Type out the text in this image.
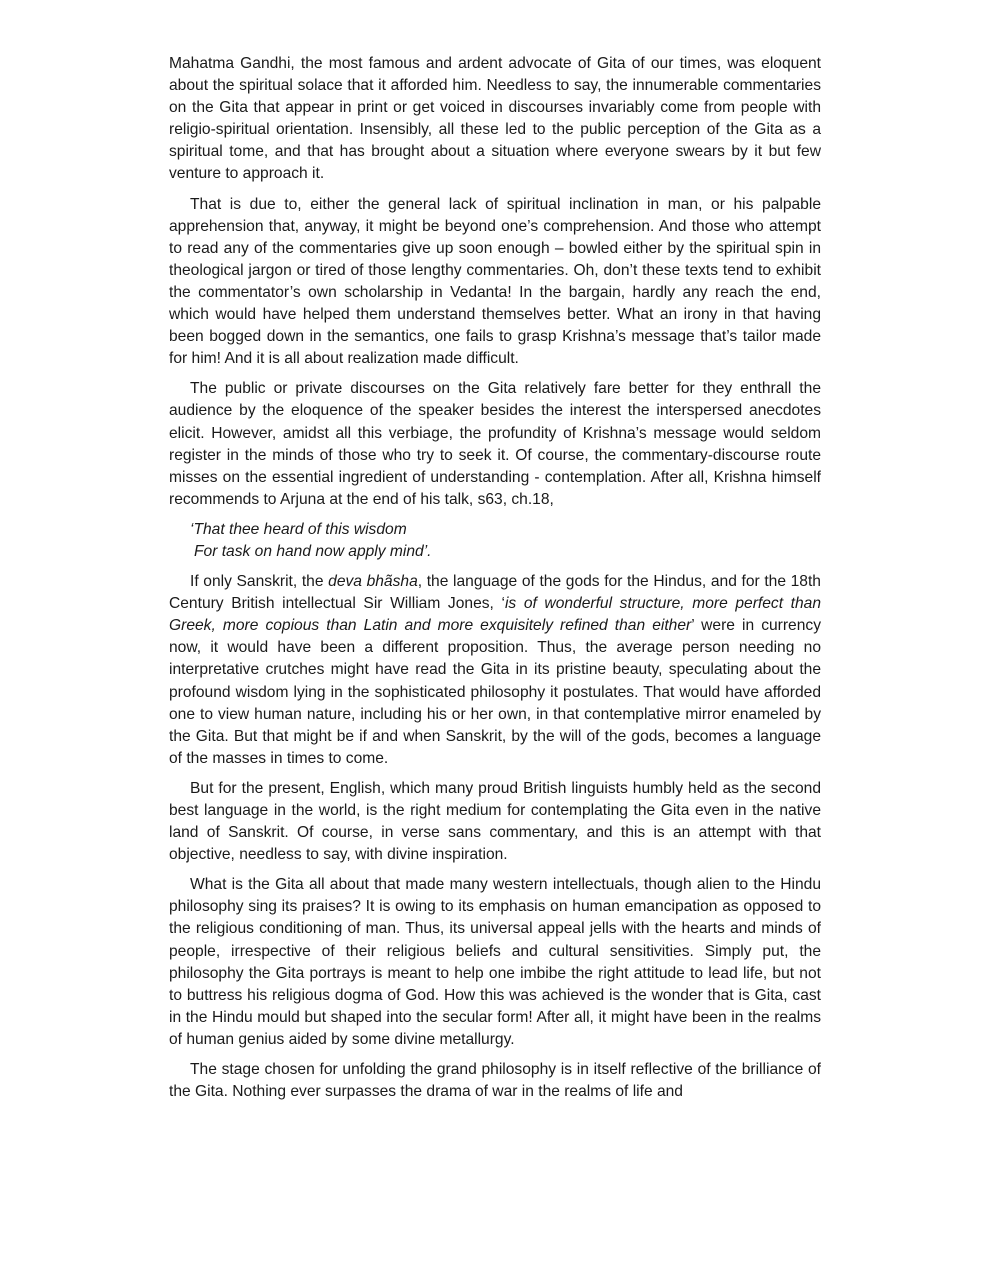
Mahatma Gandhi, the most famous and ardent advocate of Gita of our times, was eloquent about the spiritual solace that it afforded him. Needless to say, the innumerable commentaries on the Gita that appear in print or get voiced in discourses invariably come from people with religio-spiritual orientation. Insensibly, all these led to the public perception of the Gita as a spiritual tome, and that has brought about a situation where everyone swears by it but few venture to approach it.

That is due to, either the general lack of spiritual inclination in man, or his palpable apprehension that, anyway, it might be beyond one’s comprehension. And those who attempt to read any of the commentaries give up soon enough – bowled either by the spiritual spin in theological jargon or tired of those lengthy commentaries. Oh, don’t these texts tend to exhibit the commentator’s own scholarship in Vedanta! In the bargain, hardly any reach the end, which would have helped them understand themselves better. What an irony in that having been bogged down in the semantics, one fails to grasp Krishna’s message that’s tailor made for him! And it is all about realization made difficult.

The public or private discourses on the Gita relatively fare better for they enthrall the audience by the eloquence of the speaker besides the interest the interspersed anecdotes elicit. However, amidst all this verbiage, the profundity of Krishna’s message would seldom register in the minds of those who try to seek it. Of course, the commentary-discourse route misses on the essential ingredient of understanding - contemplation. After all, Krishna himself recommends to Arjuna at the end of his talk, s63, ch.18,

‘That thee heard of this wisdom
For task on hand now apply mind’.

If only Sanskrit, the deva bhãsha, the language of the gods for the Hindus, and for the 18th Century British intellectual Sir William Jones, ‘is of wonderful structure, more perfect than Greek, more copious than Latin and more exquisitely refined than either’ were in currency now, it would have been a different proposition. Thus, the average person needing no interpretative crutches might have read the Gita in its pristine beauty, speculating about the profound wisdom lying in the sophisticated philosophy it postulates. That would have afforded one to view human nature, including his or her own, in that contemplative mirror enameled by the Gita. But that might be if and when Sanskrit, by the will of the gods, becomes a language of the masses in times to come.

But for the present, English, which many proud British linguists humbly held as the second best language in the world, is the right medium for contemplating the Gita even in the native land of Sanskrit. Of course, in verse sans commentary, and this is an attempt with that objective, needless to say, with divine inspiration.

What is the Gita all about that made many western intellectuals, though alien to the Hindu philosophy sing its praises? It is owing to its emphasis on human emancipation as opposed to the religious conditioning of man. Thus, its universal appeal jells with the hearts and minds of people, irrespective of their religious beliefs and cultural sensitivities. Simply put, the philosophy the Gita portrays is meant to help one imbibe the right attitude to lead life, but not to buttress his religious dogma of God. How this was achieved is the wonder that is Gita, cast in the Hindu mould but shaped into the secular form! After all, it might have been in the realms of human genius aided by some divine metallurgy.

The stage chosen for unfolding the grand philosophy is in itself reflective of the brilliance of the Gita. Nothing ever surpasses the drama of war in the realms of life and
